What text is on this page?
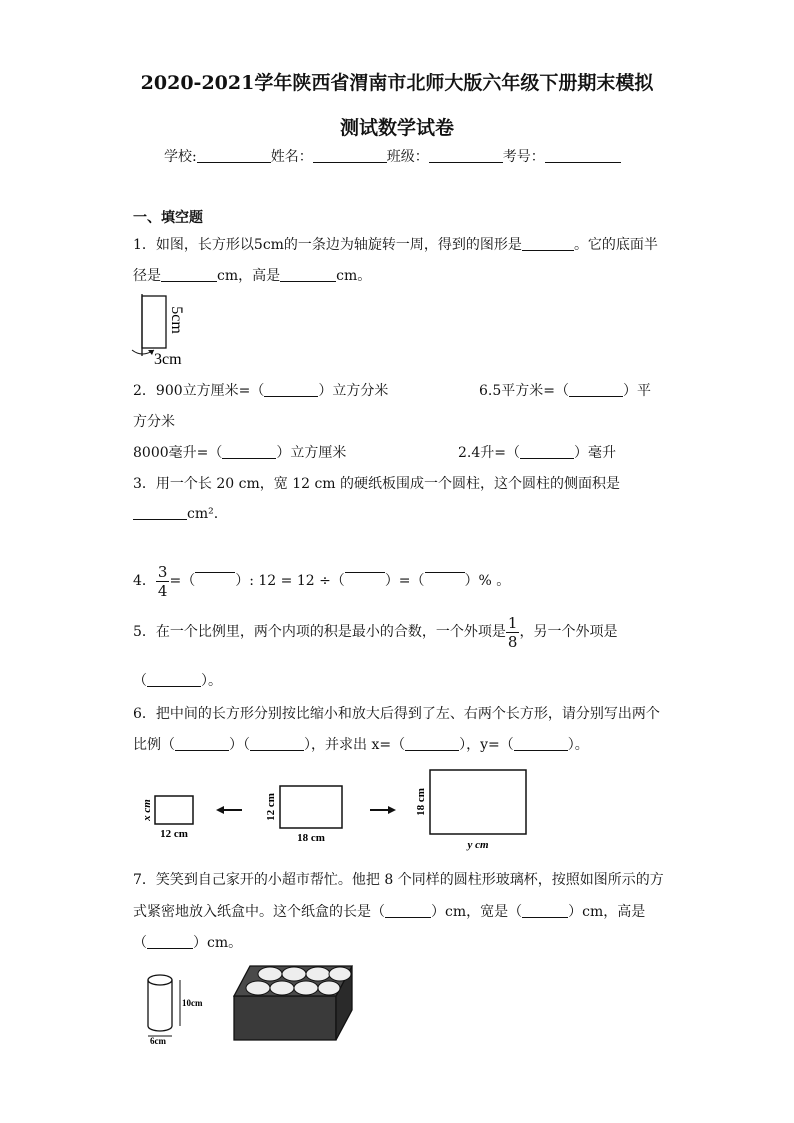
2020-2021学年陕西省渭南市北师大版六年级下册期末模拟
测试数学试卷
学校:	姓名：	班级：	考号：
一、填空题
1．如图，长方形以5cm的一条边为轴旋转一周，得到的图形是	。它的底面半
径是	cm，高是	cm。
5cm
3cm
2．900立方厘米=（	）立方分米	6.5平方米=（	）平
方分米
8000毫升=（	）立方厘米	2.4升=（	）毫升
3．用一个长 20 cm，宽 12 cm 的硬纸板围成一个圆柱，这个圆柱的侧面积是
cm².
4． $\frac{3}{4}$ =（	）: 12 = 12 ÷（	）=（	）% 。
5．在一个比例里，两个内项的积是最小的合数，一个外项是 $\frac{1}{8}$ ，另一个外项是
（	）。
6．把中间的长方形分别按比缩小和放大后得到了左、右两个长方形，请分别写出两个
比例（	）（	），并求出 x=（	），y=（	）。
x cm
12 cm
12 cm
18 cm
18 cm
y cm
7．笑笑到自己家开的小超市帮忙。他把 8 个同样的圆柱形玻璃杯，按照如图所示的方
式紧密地放入纸盒中。这个纸盒的长是（	）cm，宽是（	）cm，高是
（	）cm。
10cm
6cm
